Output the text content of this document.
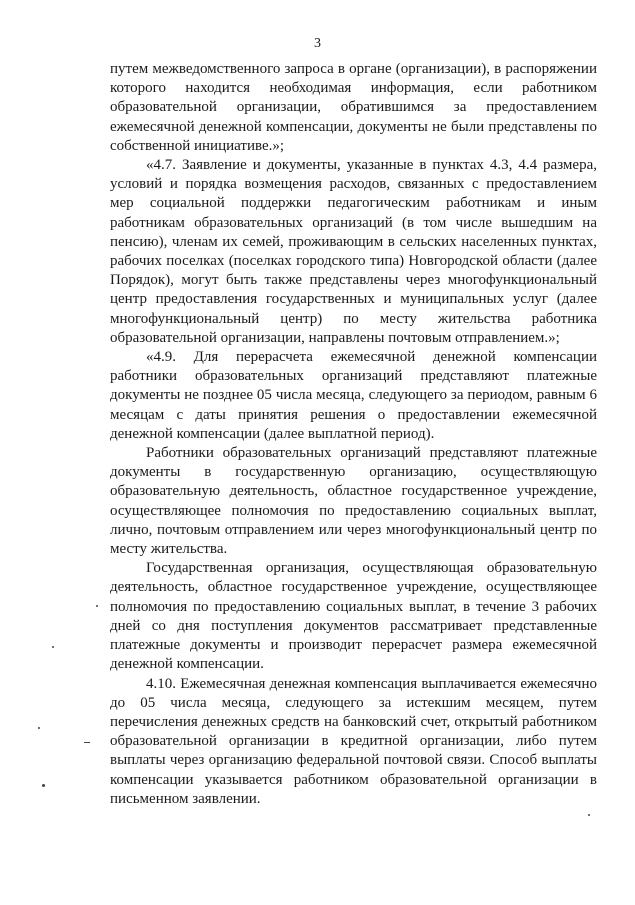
3

путем межведомственного запроса в органе (организации), в распоряжении которого находится необходимая информация, если работником образовательной организации, обратившимся за предоставлением ежемесячной денежной компенсации, документы не были представлены по собственной инициативе.»;

«4.7. Заявление и документы, указанные в пунктах 4.3, 4.4 размера, условий и порядка возмещения расходов, связанных с предоставлением мер социальной поддержки педагогическим работникам и иным работникам образовательных организаций (в том числе вышедшим на пенсию), членам их семей, проживающим в сельских населенных пунктах, рабочих поселках (поселках городского типа) Новгородской области (далее Порядок), могут быть также представлены через многофункциональный центр предоставления государственных и муниципальных услуг (далее многофункциональный центр) по месту жительства работника образовательной организации, направлены почтовым отправлением.»;

«4.9. Для перерасчета ежемесячной денежной компенсации работники образовательных организаций представляют платежные документы не позднее 05 числа месяца, следующего за периодом, равным 6 месяцам с даты принятия решения о предоставлении ежемесячной денежной компенсации (далее выплатной период).

Работники образовательных организаций представляют платежные документы в государственную организацию, осуществляющую образовательную деятельность, областное государственное учреждение, осуществляющее полномочия по предоставлению социальных выплат, лично, почтовым отправлением или через многофункциональный центр по месту жительства.

Государственная организация, осуществляющая образовательную деятельность, областное государственное учреждение, осуществляющее полномочия по предоставлению социальных выплат, в течение 3 рабочих дней со дня поступления документов рассматривает представленные платежные документы и производит перерасчет размера ежемесячной денежной компенсации.

4.10. Ежемесячная денежная компенсация выплачивается ежемесячно до 05 числа месяца, следующего за истекшим месяцем, путем перечисления денежных средств на банковский счет, открытый работником образовательной организации в кредитной организации, либо путем выплаты через организацию федеральной почтовой связи. Способ выплаты компенсации указывается работником образовательной организации в письменном заявлении.
